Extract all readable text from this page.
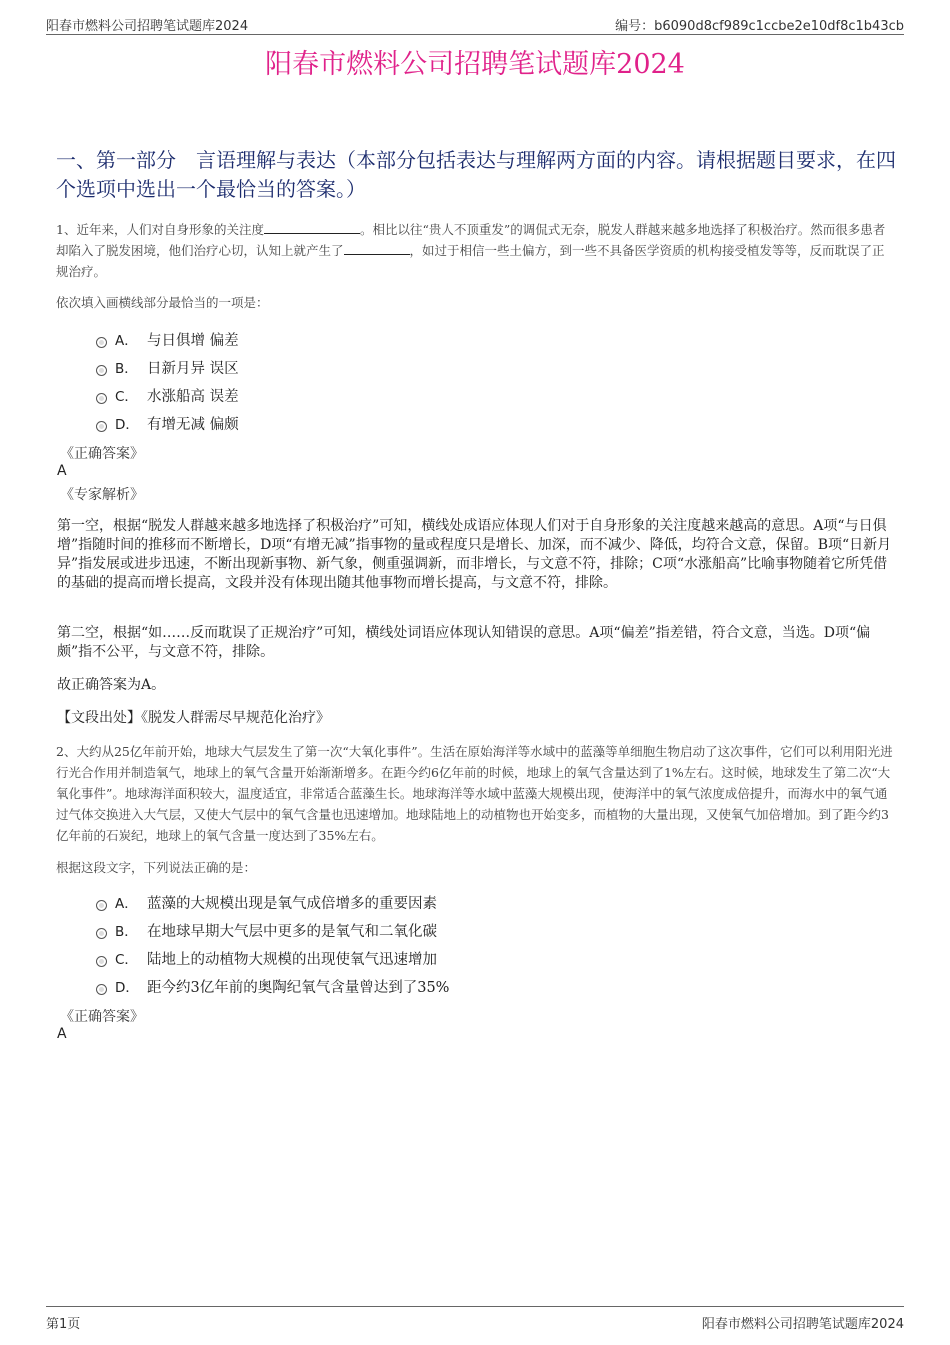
阳春市燃料公司招聘笔试题库2024	编号：b6090d8cf989c1ccbe2e10df8c1b43cb
阳春市燃料公司招聘笔试题库2024
一、第一部分　言语理解与表达（本部分包括表达与理解两方面的内容。请根据题目要求，在四个选项中选出一个最恰当的答案。）
1、近年来，人们对自身形象的关注度	。相比以往“贵人不顶重发”的调侃式无奈，脱发人群越来越多地选择了积极治疗。然而很多患者却陷入了脱发困境，他们治疗心切，认知上就产生了	，如过于相信一些土偏方，到一些不具备医学资质的机构接受植发等等，反而耽误了正规治疗。
依次填入画横线部分最恰当的一项是：
A． 与日俱增 偏差
B． 日新月异 误区
C． 水涨船高 误差
D． 有增无减 偏颇
《正确答案》
A
《专家解析》
第一空，根据“脱发人群越来越多地选择了积极治疗”可知，横线处成语应体现人们对于自身形象的关注度越来越高的意思。A项“与日俱增”指随时间的推移而不断增长，D项“有增无减”指事物的量或程度只是增长、加深，而不减少、降低，均符合文意，保留。B项“日新月异”指发展或进步迅速，不断出现新事物、新气象，侧重强调新，而非增长，与文意不符，排除；C项“水涨船高”比喻事物随着它所凭借的基础的提高而增长提高，文段并没有体现出随其他事物而增长提高，与文意不符，排除。
第二空，根据“如……反而耽误了正规治疗”可知，横线处词语应体现认知错误的意思。A项“偏差”指差错，符合文意，当选。D项“偏颇”指不公平，与文意不符，排除。
故正确答案为A。
【文段出处】《脱发人群需尽早规范化治疗》
2、大约从25亿年前开始，地球大气层发生了第一次“大氧化事件”。生活在原始海洋等水域中的蓝藻等单细胞生物启动了这次事件，它们可以利用阳光进行光合作用并制造氧气，地球上的氧气含量开始渐渐增多。在距今约6亿年前的时候，地球上的氧气含量达到了1%左右。这时候，地球发生了第二次“大氧化事件”。地球海洋面积较大，温度适宜，非常适合蓝藻生长。地球海洋等水域中蓝藻大规模出现，使海洋中的氧气浓度成倍提升，而海水中的氧气通过气体交换进入大气层，又使大气层中的氧气含量也迅速增加。地球陆地上的动植物也开始变多，而植物的大量出现，又使氧气加倍增加。到了距今约3亿年前的石炭纪，地球上的氧气含量一度达到了35%左右。
根据这段文字，下列说法正确的是：
A． 蓝藻的大规模出现是氧气成倍增多的重要因素
B． 在地球早期大气层中更多的是氧气和二氧化碳
C． 陆地上的动植物大规模的出现使氧气迅速增加
D． 距今约3亿年前的奥陶纪氧气含量曾达到了35%
《正确答案》
A
第1页	阳春市燃料公司招聘笔试题库2024
